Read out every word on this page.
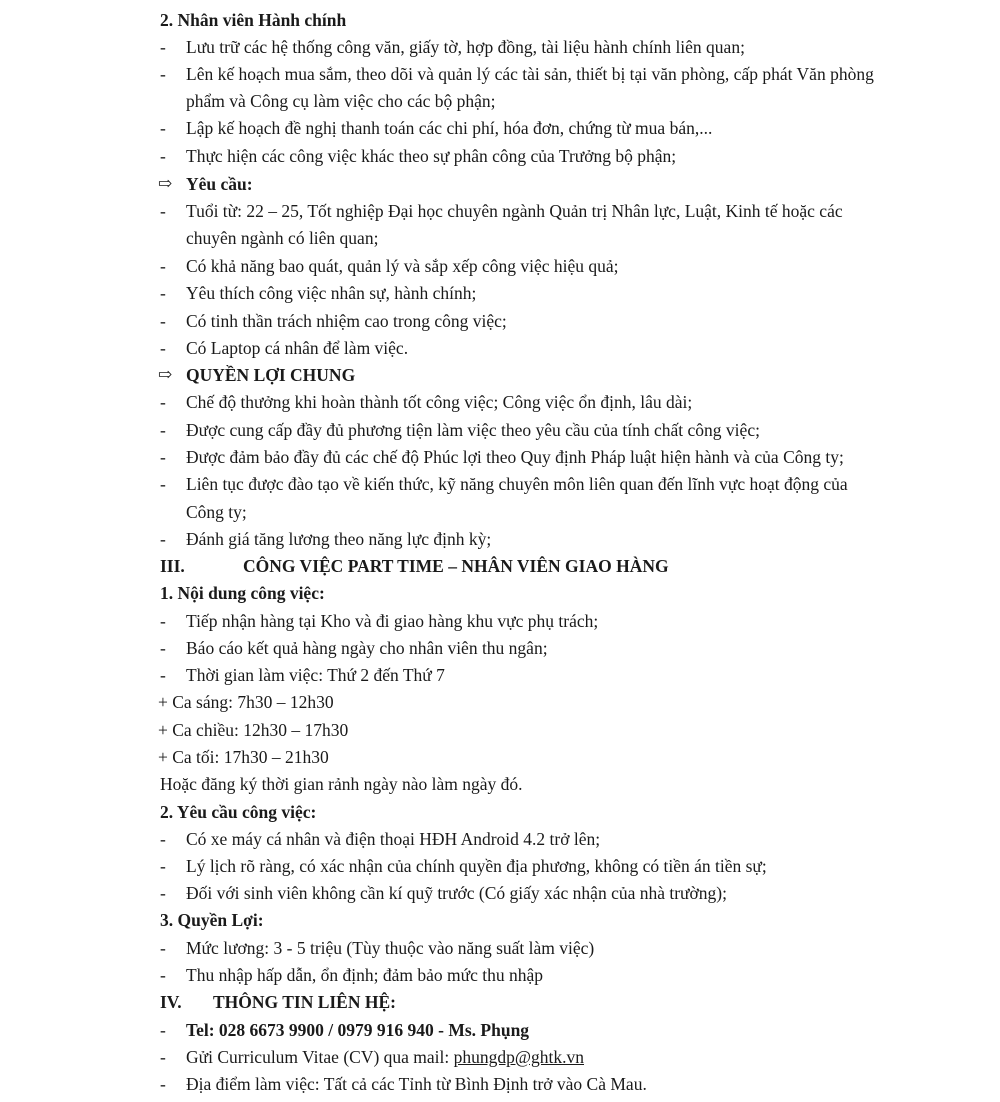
2. Nhân viên Hành chính
- Lưu trữ các hệ thống công văn, giấy tờ, hợp đồng, tài liệu hành chính liên quan;
- Lên kế hoạch mua sắm, theo dõi và quản lý các tài sản, thiết bị tại văn phòng, cấp phát Văn phòng
phẩm và Công cụ làm việc cho các bộ phận;
- Lập kế hoạch đề nghị thanh toán các chi phí, hóa đơn, chứng từ mua bán,...
- Thực hiện các công việc khác theo sự phân công của Trưởng bộ phận;
⇨ Yêu cầu:
- Tuổi từ: 22 – 25, Tốt nghiệp Đại học chuyên ngành Quản trị Nhân lực, Luật, Kinh tế hoặc các
chuyên ngành có liên quan;
- Có khả năng bao quát, quản lý và sắp xếp công việc hiệu quả;
- Yêu thích công việc nhân sự, hành chính;
- Có tinh thần trách nhiệm cao trong công việc;
- Có Laptop cá nhân để làm việc.
⇨ QUYỀN LỢI CHUNG
- Chế độ thưởng khi hoàn thành tốt công việc; Công việc ổn định, lâu dài;
- Được cung cấp đầy đủ phương tiện làm việc theo yêu cầu của tính chất công việc;
- Được đảm bảo đầy đủ các chế độ Phúc lợi theo Quy định Pháp luật hiện hành và của Công ty;
- Liên tục được đào tạo về kiến thức, kỹ năng chuyên môn liên quan đến lĩnh vực hoạt động của
Công ty;
- Đánh giá tăng lương theo năng lực định kỳ;
III.	CÔNG VIỆC PART TIME – NHÂN VIÊN GIAO HÀNG
1. Nội dung công việc:
- Tiếp nhận hàng tại Kho và đi giao hàng khu vực phụ trách;
- Báo cáo kết quả hàng ngày cho nhân viên thu ngân;
- Thời gian làm việc: Thứ 2 đến Thứ 7
+ Ca sáng: 7h30 – 12h30
+ Ca chiều: 12h30 – 17h30
+ Ca tối: 17h30 – 21h30
Hoặc đăng ký thời gian rảnh ngày nào làm ngày đó.
2. Yêu cầu công việc:
- Có xe máy cá nhân và điện thoại HĐH Android 4.2 trở lên;
- Lý lịch rõ ràng, có xác nhận của chính quyền địa phương, không có tiền án tiền sự;
- Đối với sinh viên không cần kí quỹ trước (Có giấy xác nhận của nhà trường);
3. Quyền Lợi:
- Mức lương: 3 - 5 triệu (Tùy thuộc vào năng suất làm việc)
- Thu nhập hấp dẫn, ổn định; đảm bảo mức thu nhập
IV. THÔNG TIN LIÊN HỆ:
- Tel: 028 6673 9900 / 0979 916 940 - Ms. Phụng
- Gửi Curriculum Vitae (CV) qua mail: phungdp@ghtk.vn
- Địa điểm làm việc: Tất cả các Tỉnh từ Bình Định trở vào Cà Mau.
